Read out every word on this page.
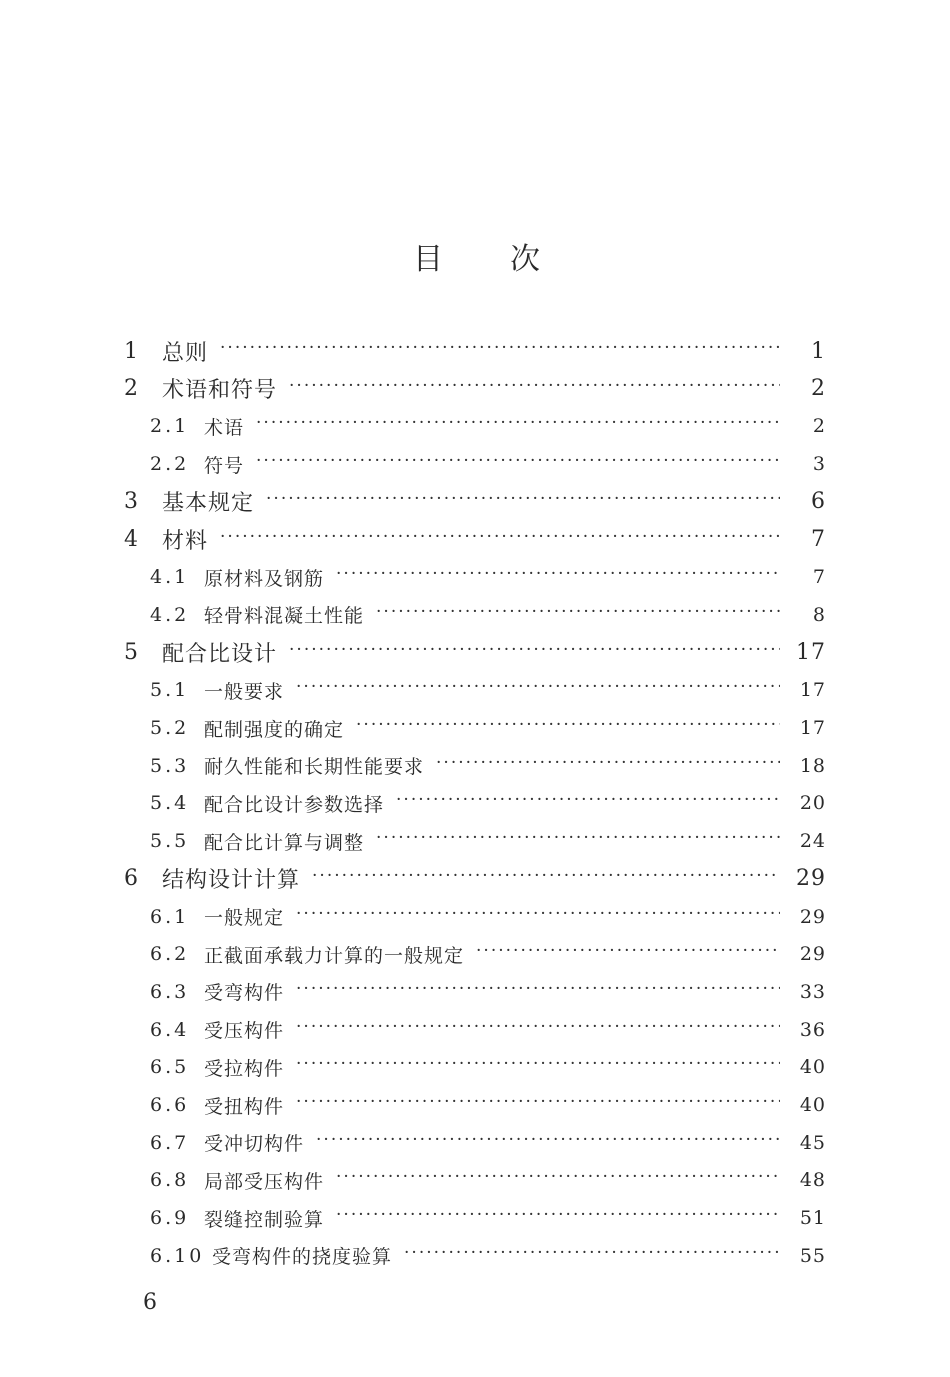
目 次
1 总则 ·····	1
2 术语和符号 ·····	2
2.1 术语 ·····	2
2.2 符号 ·····	3
3 基本规定 ·····	6
4 材料 ·····	7
4.1 原材料及钢筋 ·····	7
4.2 轻骨料混凝土性能 ·····	8
5 配合比设计 ·····	17
5.1 一般要求 ·····	17
5.2 配制强度的确定 ·····	17
5.3 耐久性能和长期性能要求 ·····	18
5.4 配合比设计参数选择 ·····	20
5.5 配合比计算与调整 ·····	24
6 结构设计计算 ·····	29
6.1 一般规定 ·····	29
6.2 正截面承载力计算的一般规定 ·····	29
6.3 受弯构件 ·····	33
6.4 受压构件 ·····	36
6.5 受拉构件 ·····	40
6.6 受扭构件 ·····	40
6.7 受冲切构件 ·····	45
6.8 局部受压构件 ·····	48
6.9 裂缝控制验算 ·····	51
6.10 受弯构件的挠度验算 ·····	55
6
